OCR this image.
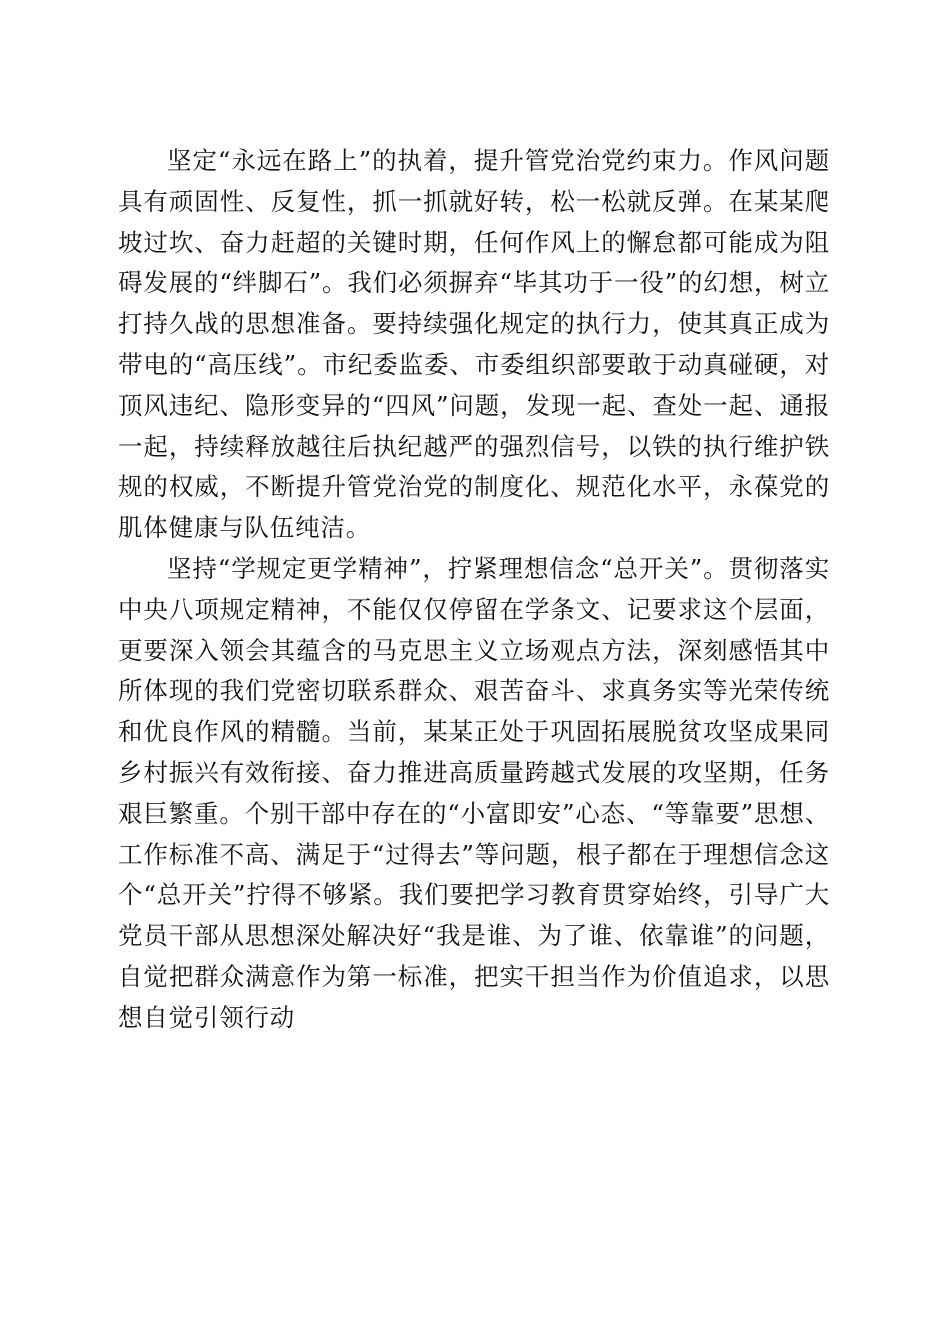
坚定“永远在路上”的执着，提升管党治党约束力。作风问题具有顽固性、反复性，抓一抓就好转，松一松就反弹。在某某爬坡过坎、奋力赶超的关键时期，任何作风上的懈怠都可能成为阻碍发展的“绊脚石”。我们必须摒弃“毕其功于一役”的幻想，树立打持久战的思想准备。要持续强化规定的执行力，使其真正成为带电的“高压线”。市纪委监委、市委组织部要敢于动真碰硬，对顶风违纪、隐形变异的“四风”问题，发现一起、查处一起、通报一起，持续释放越往后执纪越严的强烈信号，以铁的执行维护铁规的权威，不断提升管党治党的制度化、规范化水平，永葆党的肌体健康与队伍纯洁。

坚持“学规定更学精神”，拧紧理想信念“总开关”。贯彻落实中央八项规定精神，不能仅仅停留在学条文、记要求这个层面，更要深入领会其蕴含的马克思主义立场观点方法，深刻感悟其中所体现的我们党密切联系群众、艰苦奋斗、求真务实等光荣传统和优良作风的精髓。当前，某某正处于巩固拓展脱贫攻坚成果同乡村振兴有效衔接、奋力推进高质量跨越式发展的攻坚期，任务艰巨繁重。个别干部中存在的“小富即安”心态、“等靠要”思想、工作标准不高、满足于“过得去”等问题，根子都在于理想信念这个“总开关”拧得不够紧。我们要把学习教育贯穿始终，引导广大党员干部从思想深处解决好“我是谁、为了谁、依靠谁”的问题，自觉把群众满意作为第一标准，把实干担当作为价值追求，以思想自觉引领行动
